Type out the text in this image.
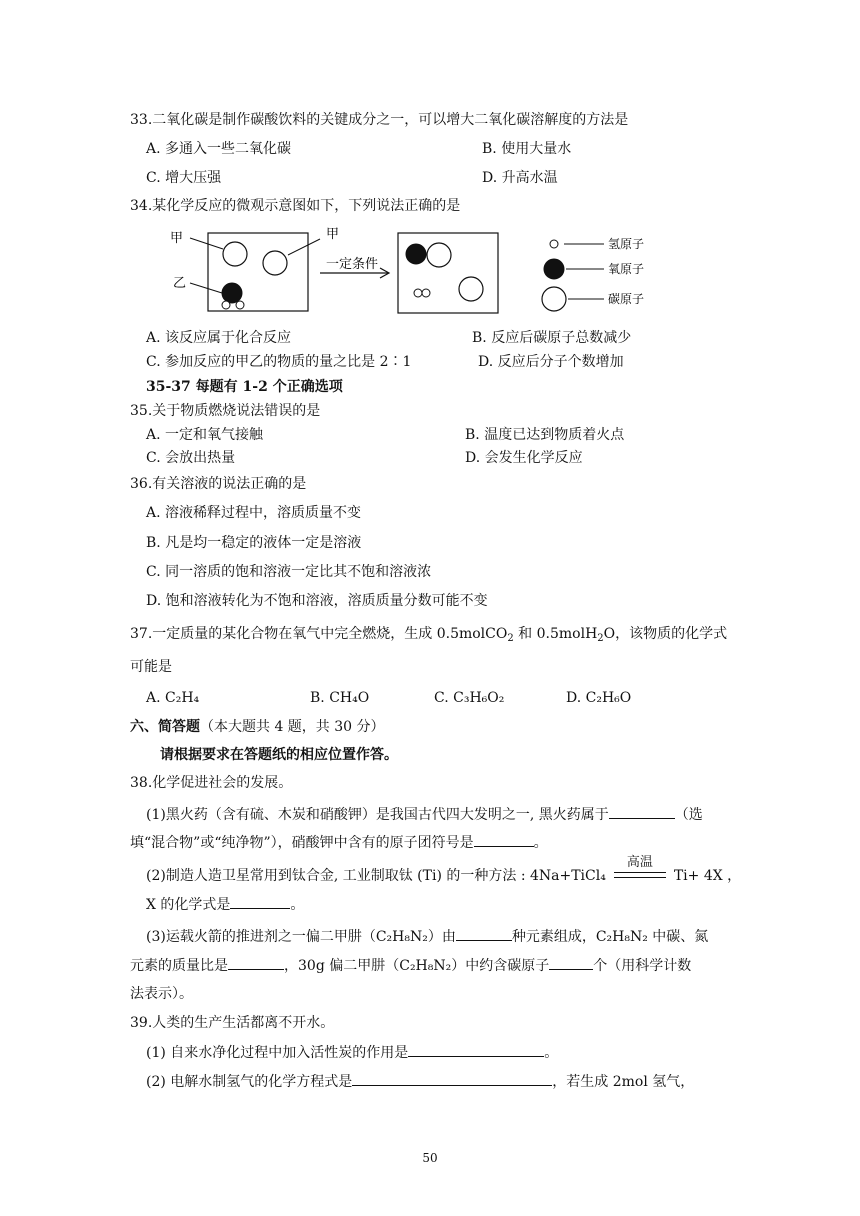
33.二氧化碳是制作碳酸饮料的关键成分之一，可以增大二氧化碳溶解度的方法是
A. 多通入一些二氧化碳	B. 使用大量水
C. 增大压强	D. 升高水温
34.某化学反应的微观示意图如下，下列说法正确的是
甲	甲
乙
一定条件
氢原子
氧原子
碳原子
A. 该反应属于化合反应	B. 反应后碳原子总数减少
C. 参加反应的甲乙的物质的量之比是 2∶1	D. 反应后分子个数增加
35-37 每题有 1-2 个正确选项
35.关于物质燃烧说法错误的是
A. 一定和氧气接触	B. 温度已达到物质着火点
C. 会放出热量	D. 会发生化学反应
36.有关溶液的说法正确的是
A. 溶液稀释过程中，溶质质量不变
B. 凡是均一稳定的液体一定是溶液
C. 同一溶质的饱和溶液一定比其不饱和溶液浓
D. 饱和溶液转化为不饱和溶液，溶质质量分数可能不变
37.一定质量的某化合物在氧气中完全燃烧，生成 0.5molCO$_2$ 和 0.5molH$_2$O，该物质的化学式
可能是
A. C₂H₄	B. CH₄O	C. C₃H₆O₂	D. C₂H₆O
六、简答题（本大题共 4 题，共 30 分）
请根据要求在答题纸的相应位置作答。
38.化学促进社会的发展。
(1)黑火药（含有硫、木炭和硝酸钾）是我国古代四大发明之一, 黑火药属于	（选
填“混合物”或“纯净物”），硝酸钾中含有的原子团符号是	。
(2)制造人造卫星常用到钛合金, 工业制取钛 (Ti) 的一种方法 : 4Na+TiCl₄
高温
Ti+ 4X ，
X 的化学式是	。
(3)运载火箭的推进剂之一偏二甲肼（C₂H₈N₂）由	种元素组成，C₂H₈N₂ 中碳、氮
元素的质量比是	，30g 偏二甲肼（C₂H₈N₂）中约含碳原子	个（用科学计数
法表示）。
39.人类的生产生活都离不开水。
(1) 自来水净化过程中加入活性炭的作用是	。
(2) 电解水制氢气的化学方程式是	，若生成 2mol 氢气，
50
